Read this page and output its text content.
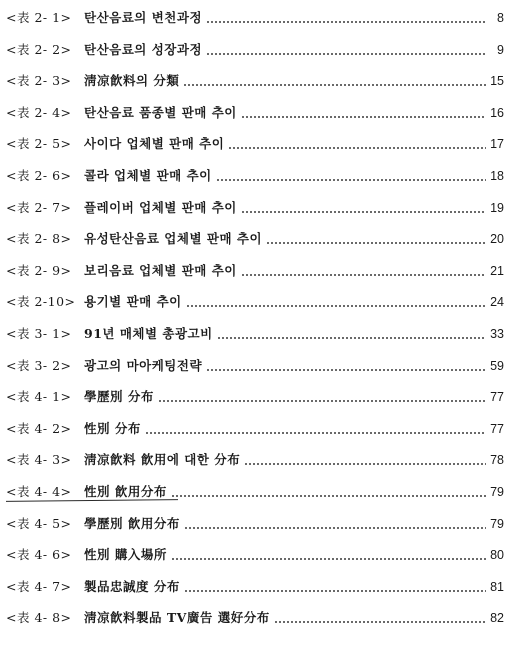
<表 2- 1> 탄산음료의 변천과정	8
<表 2- 2> 탄산음료의 성장과정	9
<表 2- 3> 淸凉飮料의 分類	15
<表 2- 4> 탄산음료 품종별 판매 추이	16
<表 2- 5> 사이다 업체별 판매 추이	17
<表 2- 6> 콜라 업체별 판매 추이	18
<表 2- 7> 플레이버 업체별 판매 추이	19
<表 2- 8> 유성탄산음료 업체별 판매 추이	20
<表 2- 9> 보리음료 업체별 판매 추이	21
<表 2-10> 용기별 판매 추이	24
<表 3- 1> 91년 매체별 총광고비	33
<表 3- 2> 광고의 마아케팅전략	59
<表 4- 1> 學歷別 分布	77
<表 4- 2> 性別 分布	77
<表 4- 3> 淸凉飮料 飮用에 대한 分布	78
<表 4- 4> 性別 飮用分布	79
<表 4- 5> 學歷別 飮用分布	79
<表 4- 6> 性別 購入場所	80
<表 4- 7> 製品忠誠度 分布	81
<表 4- 8> 淸凉飮料製品 TV廣告 選好分布	82
